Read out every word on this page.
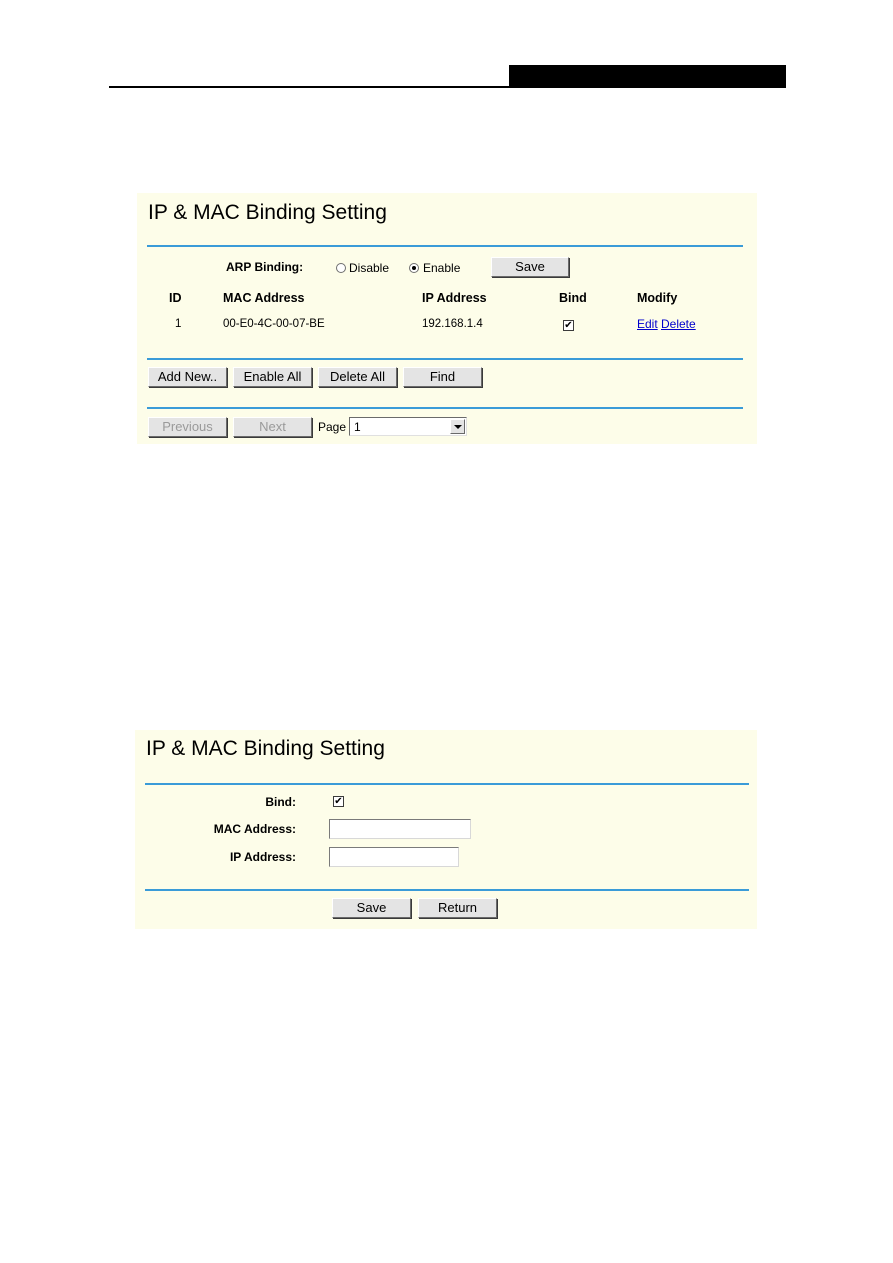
IP & MAC Binding Setting
ARP Binding:	Disable	Enable	Save
ID	MAC Address	IP Address	Bind	Modify
1	00-E0-4C-00-07-BE	192.168.1.4	✔	Edit Delete
Add New..	Enable All	Delete All	Find
Previous	Next	Page 1
IP & MAC Binding Setting
Bind:	✔
MAC Address:
IP Address:
Save	Return
